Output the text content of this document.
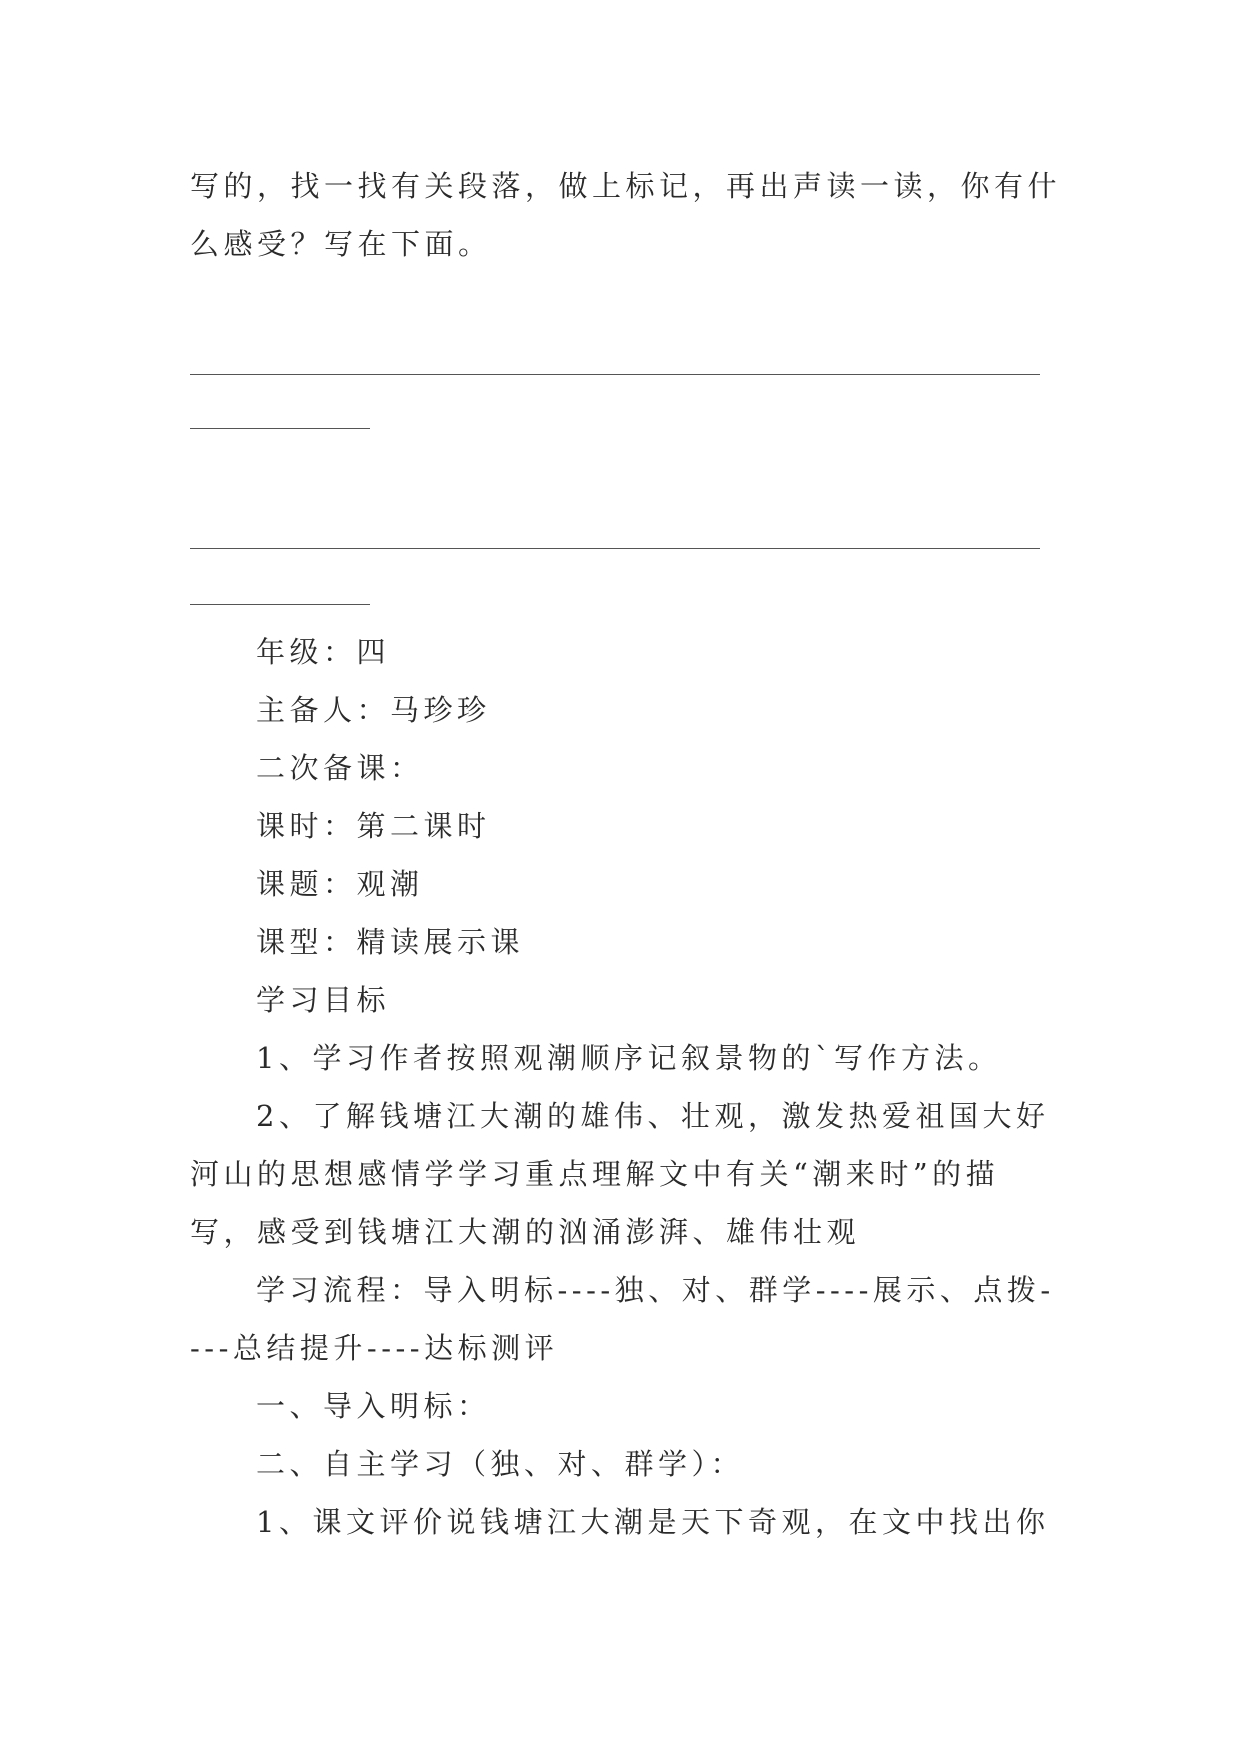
写的，找一找有关段落，做上标记，再出声读一读，你有什
么感受？写在下面。
年级：四
主备人：马珍珍
二次备课：
课时：第二课时
课题：观潮
课型：精读展示课
学习目标
1、学习作者按照观潮顺序记叙景物的`写作方法。
2、了解钱塘江大潮的雄伟、壮观，激发热爱祖国大好河山的思想感情学学习重点理解文中有关“潮来时”的描写，感受到钱塘江大潮的汹涌澎湃、雄伟壮观
学习流程：导入明标----独、对、群学----展示、点拨----总结提升----达标测评
一、导入明标：
二、自主学习（独、对、群学）：
1、课文评价说钱塘江大潮是天下奇观，在文中找出你
